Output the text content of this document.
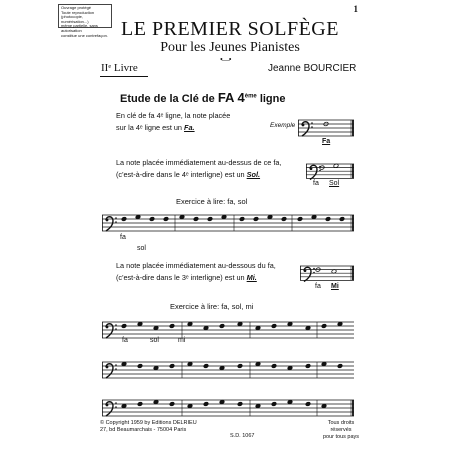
Ouvrage protégé
Toute reproduction
(photocopie, numérisation...)
même partielle, sans autorisation
constitue une contrefaçon.
1
LE PREMIER SOLFÈGE
Pour les Jeunes Pianistes
•—•
IIᵉ Livre	Jeanne BOURCIER
Etude de la Clé de FA 4ème ligne
En clé de fa 4ᵉ ligne, la note placée
sur la 4ᵉ ligne est un Fa.	Exemple
Fa
La note placée immédiatement au-dessus de ce fa,
(c'est-à-dire dans le 4ᵉ interligne) est un Sol.
fa Sol
Exercice à lire: fa, sol
fa
sol
La note placée immédiatement au-dessous du fa,
(c'est-à-dire dans le 3ᵉ interligne) est un Mi.
fa Mi
Exercice à lire: fa, sol, mi
fa	sol	mi
© Copyright 1959 by Editions DELRIEU
27, bd Beaumarchais - 75004 Paris
S.D. 1067
Tous droits réservés
pour tous pays
